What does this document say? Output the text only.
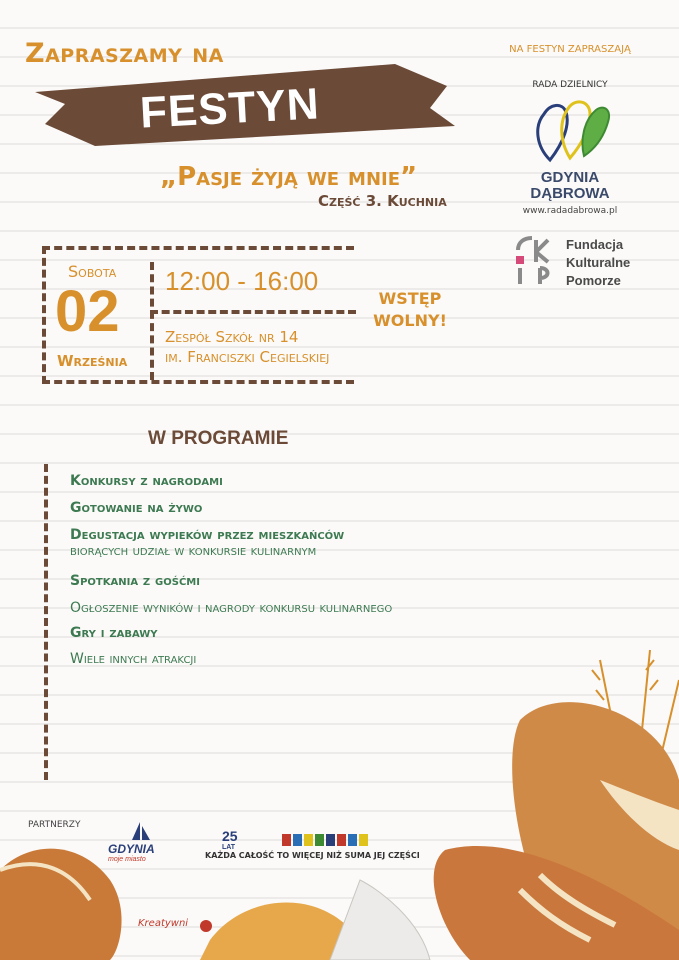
Zapraszamy na
FESTYN
„Pasje żyją we mnie”
Część 3. Kuchnia
Sobota
02
Września
12:00 - 16:00
Zespół Szkół nr 14
im. Franciszki Cegielskiej
WSTĘP
WOLNY!
W PROGRAMIE
Konkursy z nagrodami
Gotowanie na żywo
Degustacja wypieków przez mieszkańców
biorących udział w konkursie kulinarnym
Spotkania z gośćmi
Ogłoszenie wyników i nagrody konkursu kulinarnego
Gry i zabawy
Wiele innych atrakcji
NA FESTYN ZAPRASZAJĄ
RADA DZIELNICY
GDYNIA
DĄBROWA
www.radadabrowa.pl
Fundacja
Kulturalne
Pomorze
PARTNERZY
GDYNIA
moje miasto
25
LAT
KAŻDA CAŁOŚĆ TO WIĘCEJ NIŻ SUMA JEJ CZĘŚCI
Kreatywni
